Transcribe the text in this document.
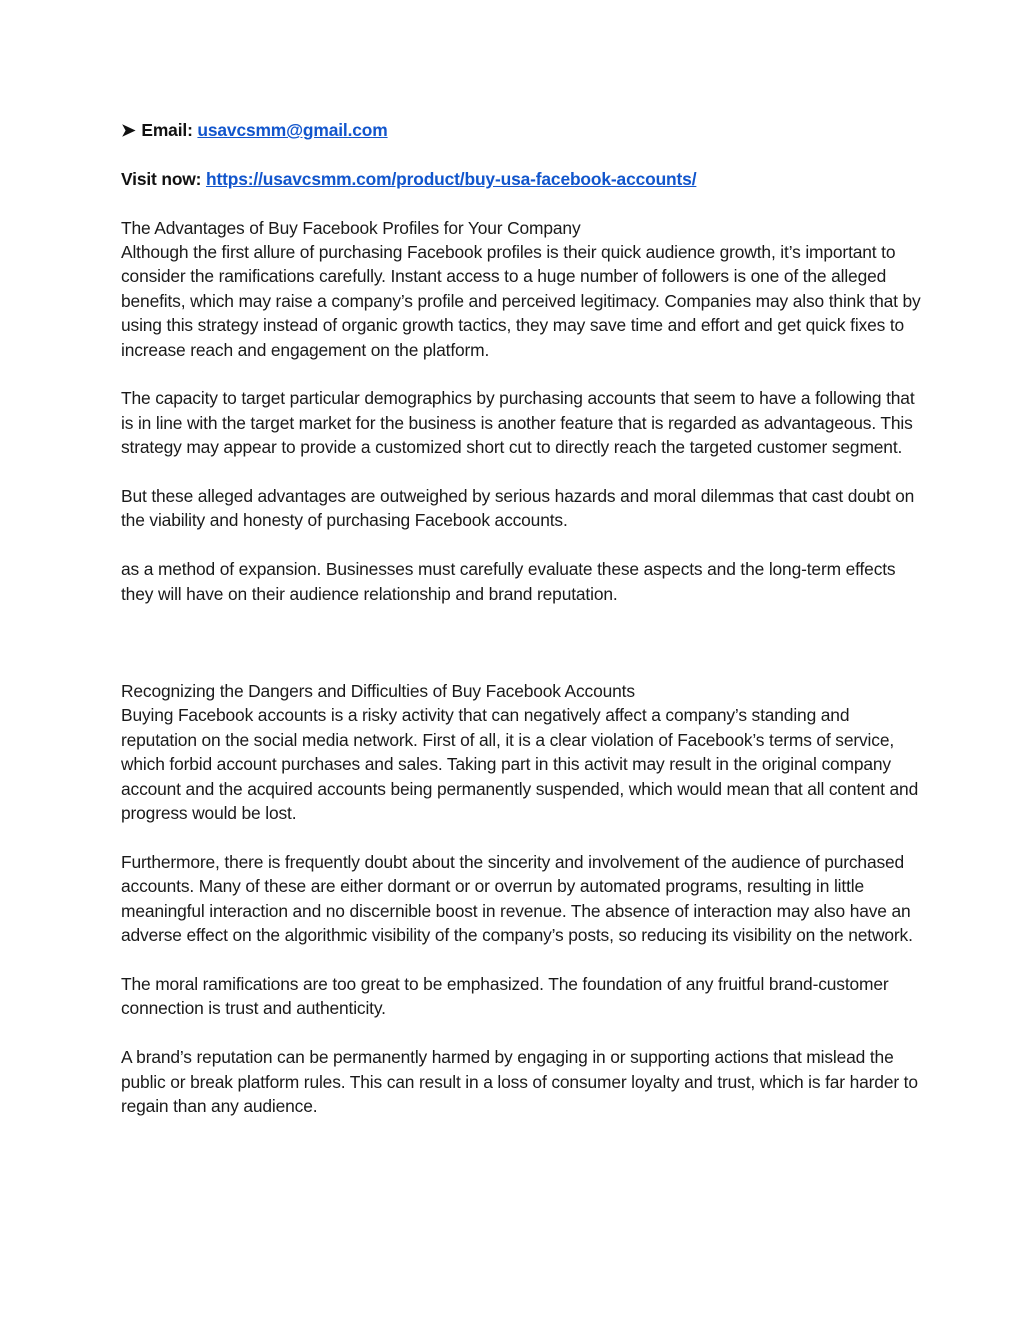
➤ Email: usavcsmm@gmail.com

Visit now: https://usavcsmm.com/product/buy-usa-facebook-accounts/

The Advantages of Buy Facebook Profiles for Your Company

Although the first allure of purchasing Facebook profiles is their quick audience growth, it’s important to consider the ramifications carefully. Instant access to a huge number of followers is one of the alleged benefits, which may raise a company’s profile and perceived legitimacy. Companies may also think that by using this strategy instead of organic growth tactics, they may save time and effort and get quick fixes to increase reach and engagement on the platform.

The capacity to target particular demographics by purchasing accounts that seem to have a following that is in line with the target market for the business is another feature that is regarded as advantageous. This strategy may appear to provide a customized short cut to directly reach the targeted customer segment.

But these alleged advantages are outweighed by serious hazards and moral dilemmas that cast doubt on the viability and honesty of purchasing Facebook accounts.

as a method of expansion. Businesses must carefully evaluate these aspects and the long-term effects they will have on their audience relationship and brand reputation.

Recognizing the Dangers and Difficulties of Buy Facebook Accounts

Buying Facebook accounts is a risky activity that can negatively affect a company’s standing and reputation on the social media network. First of all, it is a clear violation of Facebook’s terms of service, which forbid account purchases and sales. Taking part in this activit may result in the original company account and the acquired accounts being permanently suspended, which would mean that all content and progress would be lost.

Furthermore, there is frequently doubt about the sincerity and involvement of the audience of purchased accounts. Many of these are either dormant or or overrun by automated programs, resulting in little meaningful interaction and no discernible boost in revenue. The absence of interaction may also have an adverse effect on the algorithmic visibility of the company’s posts, so reducing its visibility on the network.

The moral ramifications are too great to be emphasized. The foundation of any fruitful brand-customer connection is trust and authenticity.

A brand’s reputation can be permanently harmed by engaging in or supporting actions that mislead the public or break platform rules. This can result in a loss of consumer loyalty and trust, which is far harder to regain than any audience.
